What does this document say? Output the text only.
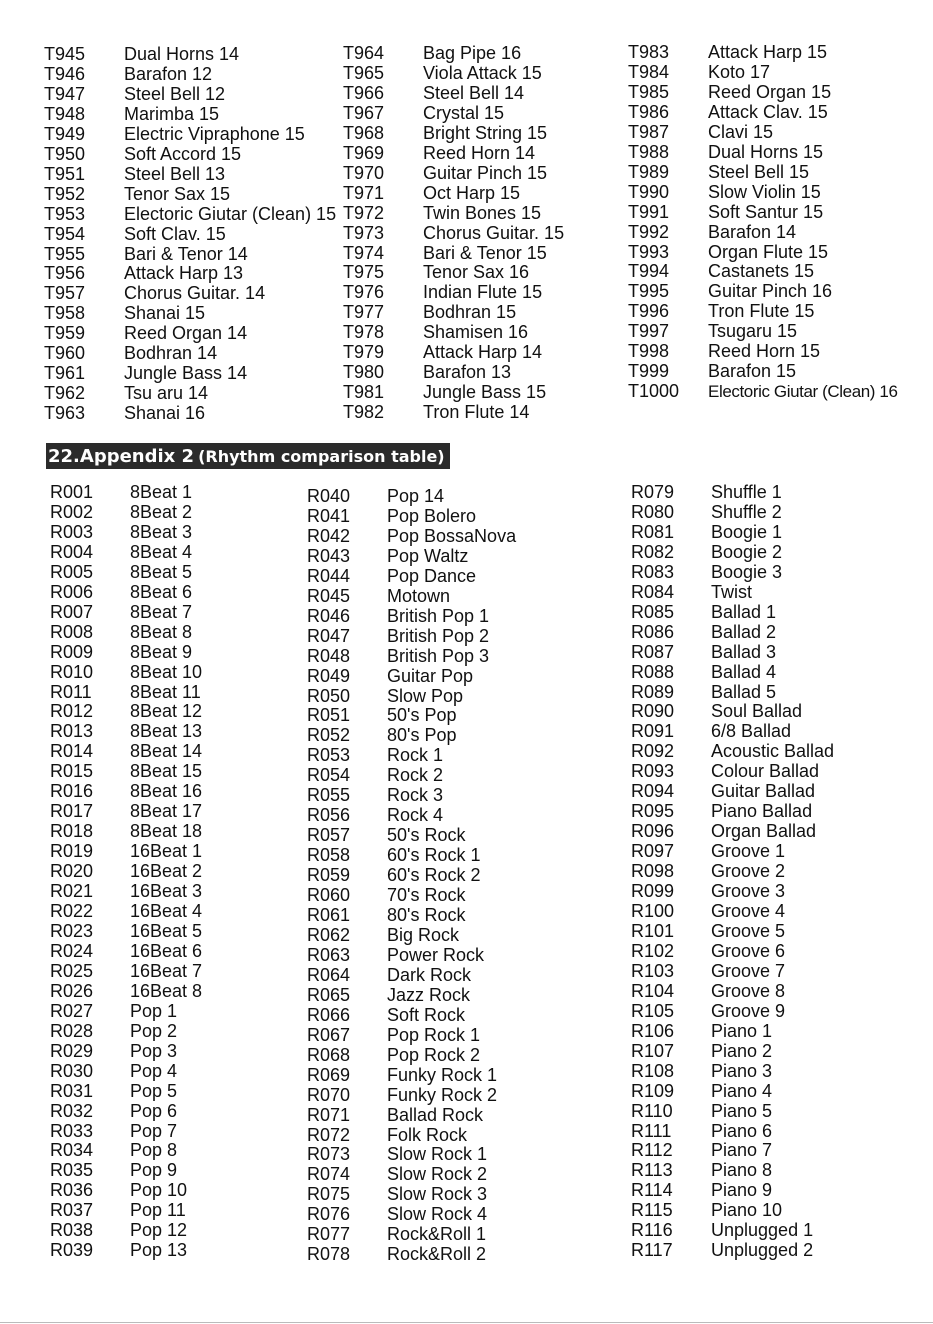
T945	Dual Horns 14
T946	Barafon 12
T947	Steel Bell 12
T948	Marimba 15
T949	Electric Vipraphone 15
T950	Soft Accord 15
T951	Steel Bell 13
T952	Tenor Sax 15
T953	Electoric Giutar (Clean) 15
T954	Soft Clav. 15
T955	Bari & Tenor 14
T956	Attack Harp 13
T957	Chorus Guitar. 14
T958	Shanai 15
T959	Reed Organ 14
T960	Bodhran 14
T961	Jungle Bass 14
T962	Tsu aru 14
T963	Shanai 16
T964	Bag Pipe 16
T965	Viola Attack 15
T966	Steel Bell 14
T967	Crystal 15
T968	Bright String 15
T969	Reed Horn 14
T970	Guitar Pinch 15
T971	Oct Harp 15
T972	Twin Bones 15
T973	Chorus Guitar. 15
T974	Bari & Tenor 15
T975	Tenor Sax 16
T976	Indian Flute 15
T977	Bodhran 15
T978	Shamisen 16
T979	Attack Harp 14
T980	Barafon 13
T981	Jungle Bass 15
T982	Tron Flute 14
T983	Attack Harp 15
T984	Koto 17
T985	Reed Organ 15
T986	Attack Clav. 15
T987	Clavi 15
T988	Dual Horns 15
T989	Steel Bell 15
T990	Slow Violin 15
T991	Soft Santur 15
T992	Barafon 14
T993	Organ Flute 15
T994	Castanets 15
T995	Guitar Pinch 16
T996	Tron Flute 15
T997	Tsugaru 15
T998	Reed Horn 15
T999	Barafon 15
T1000	Electoric Giutar (Clean) 16
22. Appendix 2 (Rhythm comparison table)
R001	8Beat 1
R002	8Beat 2
R003	8Beat 3
R004	8Beat 4
R005	8Beat 5
R006	8Beat 6
R007	8Beat 7
R008	8Beat 8
R009	8Beat 9
R010	8Beat 10
R011	8Beat 11
R012	8Beat 12
R013	8Beat 13
R014	8Beat 14
R015	8Beat 15
R016	8Beat 16
R017	8Beat 17
R018	8Beat 18
R019	16Beat 1
R020	16Beat 2
R021	16Beat 3
R022	16Beat 4
R023	16Beat 5
R024	16Beat 6
R025	16Beat 7
R026	16Beat 8
R027	Pop 1
R028	Pop 2
R029	Pop 3
R030	Pop 4
R031	Pop 5
R032	Pop 6
R033	Pop 7
R034	Pop 8
R035	Pop 9
R036	Pop 10
R037	Pop 11
R038	Pop 12
R039	Pop 13
R040	Pop 14
R041	Pop Bolero
R042	Pop BossaNova
R043	Pop Waltz
R044	Pop Dance
R045	Motown
R046	British Pop 1
R047	British Pop 2
R048	British Pop 3
R049	Guitar Pop
R050	Slow Pop
R051	50's Pop
R052	80's Pop
R053	Rock 1
R054	Rock 2
R055	Rock 3
R056	Rock 4
R057	50's Rock
R058	60's Rock 1
R059	60's Rock 2
R060	70's Rock
R061	80's Rock
R062	Big Rock
R063	Power Rock
R064	Dark Rock
R065	Jazz Rock
R066	Soft Rock
R067	Pop Rock 1
R068	Pop Rock 2
R069	Funky Rock 1
R070	Funky Rock 2
R071	Ballad Rock
R072	Folk Rock
R073	Slow Rock 1
R074	Slow Rock 2
R075	Slow Rock 3
R076	Slow Rock 4
R077	Rock&Roll 1
R078	Rock&Roll 2
R079	Shuffle 1
R080	Shuffle 2
R081	Boogie 1
R082	Boogie 2
R083	Boogie 3
R084	Twist
R085	Ballad 1
R086	Ballad 2
R087	Ballad 3
R088	Ballad 4
R089	Ballad 5
R090	Soul Ballad
R091	6/8 Ballad
R092	Acoustic Ballad
R093	Colour Ballad
R094	Guitar Ballad
R095	Piano Ballad
R096	Organ Ballad
R097	Groove 1
R098	Groove 2
R099	Groove 3
R100	Groove 4
R101	Groove 5
R102	Groove 6
R103	Groove 7
R104	Groove 8
R105	Groove 9
R106	Piano 1
R107	Piano 2
R108	Piano 3
R109	Piano 4
R110	Piano 5
R111	Piano 6
R112	Piano 7
R113	Piano 8
R114	Piano 9
R115	Piano 10
R116	Unplugged 1
R117	Unplugged 2
